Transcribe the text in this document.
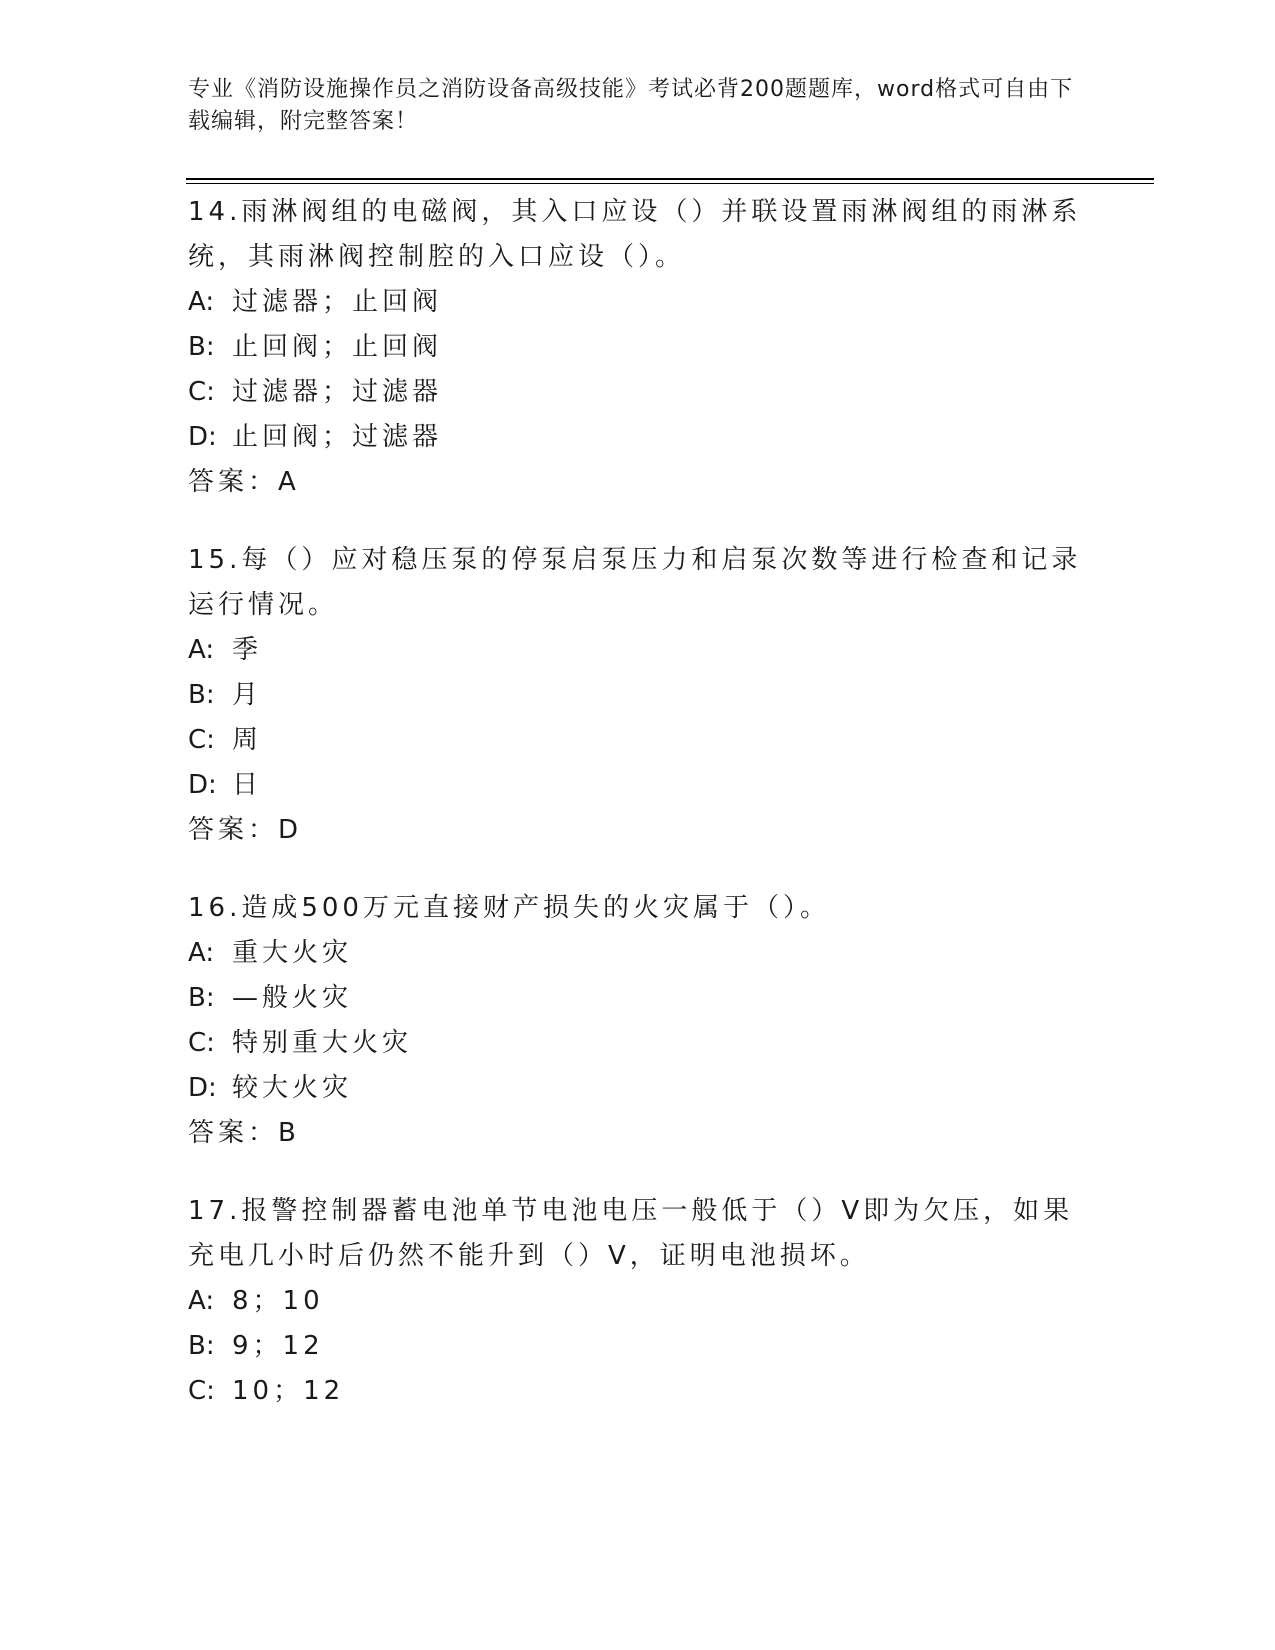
专业《消防设施操作员之消防设备高级技能》考试必背200题题库，word格式可自由下载编辑，附完整答案！
14.雨淋阀组的电磁阀，其入口应设（）并联设置雨淋阀组的雨淋系统，其雨淋阀控制腔的入口应设（）。
A: 过滤器；止回阀
B: 止回阀；止回阀
C: 过滤器；过滤器
D: 止回阀；过滤器
答案：A
15.每（）应对稳压泵的停泵启泵压力和启泵次数等进行检查和记录运行情况。
A: 季
B: 月
C: 周
D: 日
答案：D
16.造成500万元直接财产损失的火灾属于（）。
A: 重大火灾
B: —般火灾
C: 特别重大火灾
D: 较大火灾
答案：B
17.报警控制器蓄电池单节电池电压一般低于（）V即为欠压，如果充电几小时后仍然不能升到（）V，证明电池损坏。
A: 8；10
B: 9；12
C: 10；12
